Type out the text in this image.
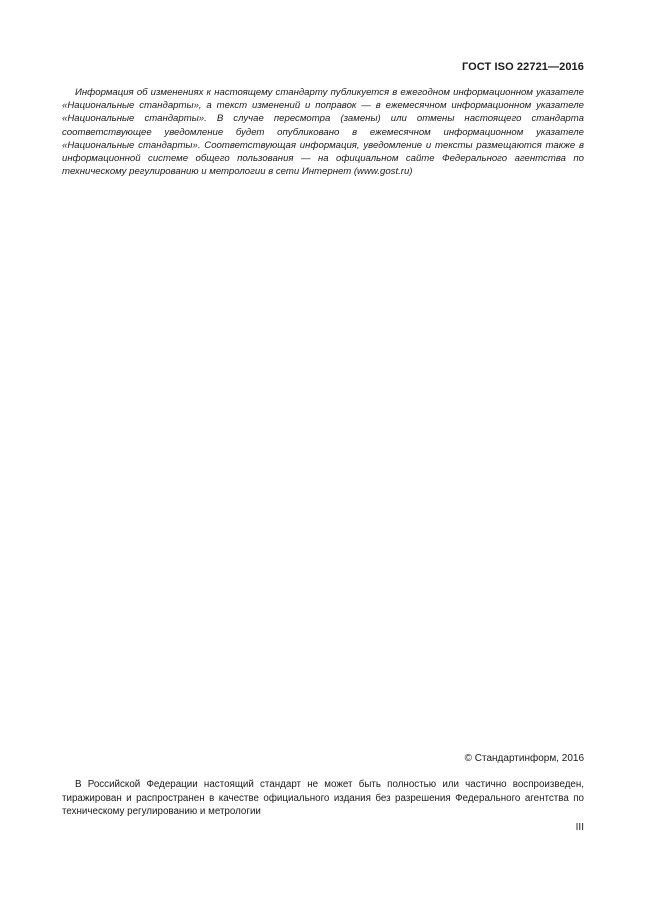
ГОСТ ISO 22721—2016

Информация об изменениях к настоящему стандарту публикуется в ежегодном информационном указателе «Национальные стандарты», а текст изменений и поправок — в ежемесячном информационном указателе «Национальные стандарты». В случае пересмотра (замены) или отмены настоящего стандарта соответствующее уведомление будет опубликовано в ежемесячном информационном указателе «Национальные стандарты». Соответствующая информация, уведомление и тексты размещаются также в информационной системе общего пользования — на официальном сайте Федерального агентства по техническому регулированию и метрологии в сети Интернет (www.gost.ru)

© Стандартинформ, 2016

В Российской Федерации настоящий стандарт не может быть полностью или частично воспроизведен, тиражирован и распространен в качестве официального издания без разрешения Федерального агентства по техническому регулированию и метрологии

III
